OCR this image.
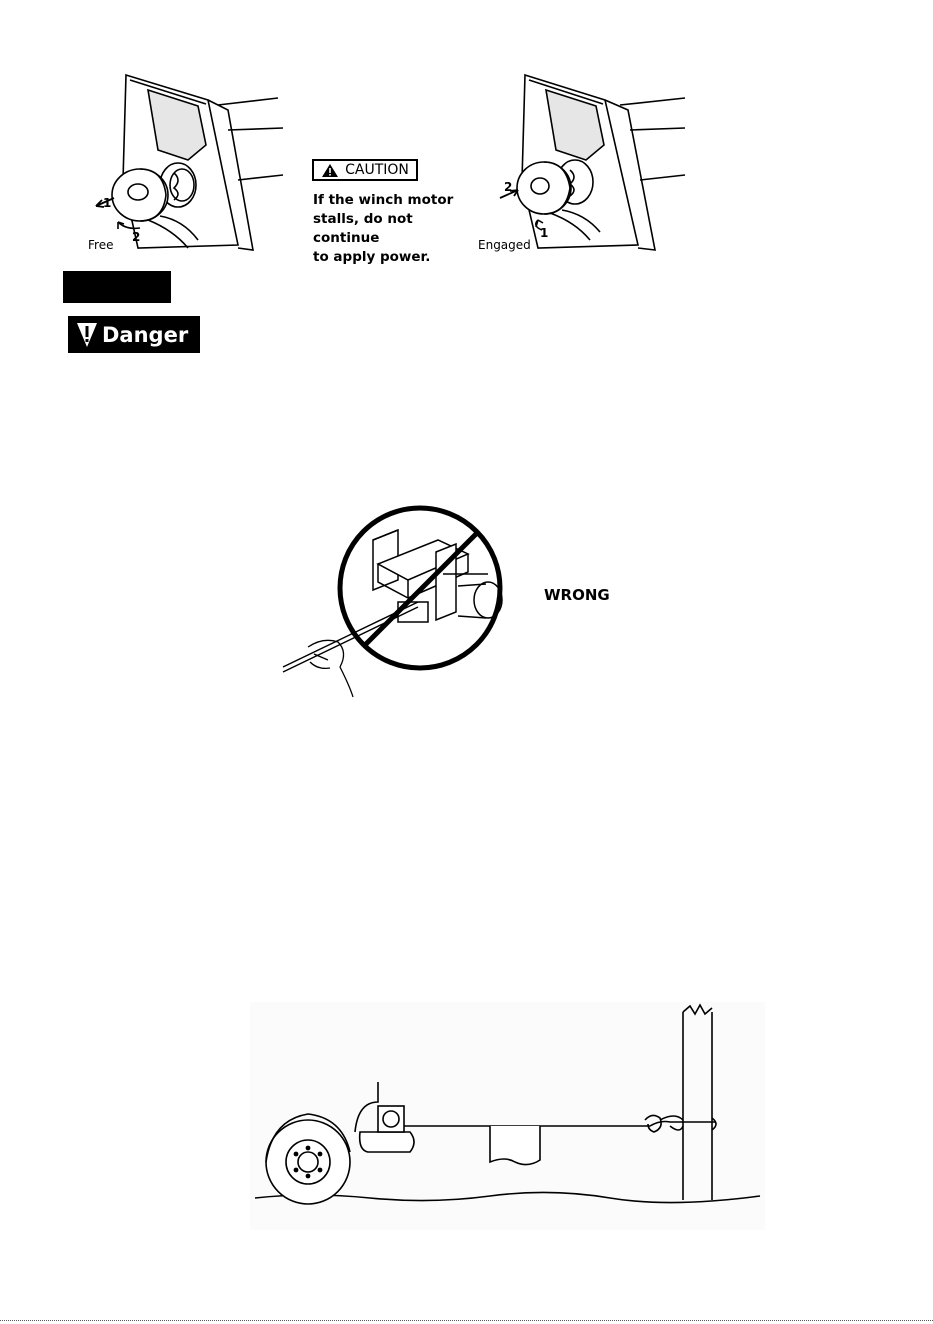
1
2
Free
CAUTION
If the winch motor
stalls, do not continue
to apply power.
2
1
Engaged
Danger
WRONG
